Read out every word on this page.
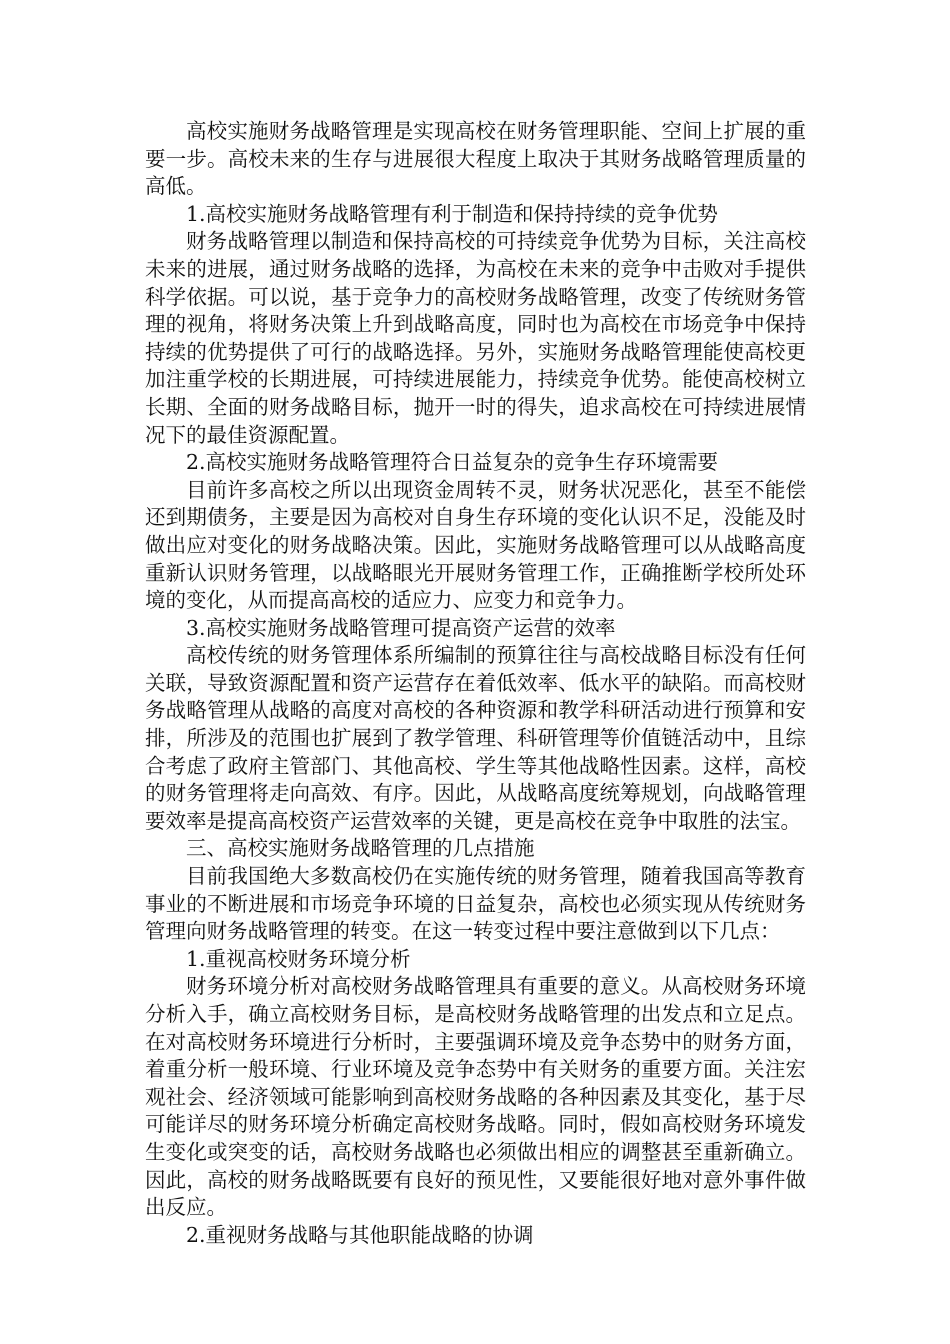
高校实施财务战略管理是实现高校在财务管理职能、空间上扩展的重要一步。高校未来的生存与进展很大程度上取决于其财务战略管理质量的高低。

1.高校实施财务战略管理有利于制造和保持持续的竞争优势

财务战略管理以制造和保持高校的可持续竞争优势为目标，关注高校未来的进展，通过财务战略的选择，为高校在未来的竞争中击败对手提供科学依据。可以说，基于竞争力的高校财务战略管理，改变了传统财务管理的视角，将财务决策上升到战略高度，同时也为高校在市场竞争中保持持续的优势提供了可行的战略选择。另外，实施财务战略管理能使高校更加注重学校的长期进展，可持续进展能力，持续竞争优势。能使高校树立长期、全面的财务战略目标，抛开一时的得失，追求高校在可持续进展情况下的最佳资源配置。

2.高校实施财务战略管理符合日益复杂的竞争生存环境需要

目前许多高校之所以出现资金周转不灵，财务状况恶化，甚至不能偿还到期债务，主要是因为高校对自身生存环境的变化认识不足，没能及时做出应对变化的财务战略决策。因此，实施财务战略管理可以从战略高度重新认识财务管理，以战略眼光开展财务管理工作，正确推断学校所处环境的变化，从而提高高校的适应力、应变力和竞争力。

3.高校实施财务战略管理可提高资产运营的效率

高校传统的财务管理体系所编制的预算往往与高校战略目标没有任何关联，导致资源配置和资产运营存在着低效率、低水平的缺陷。而高校财务战略管理从战略的高度对高校的各种资源和教学科研活动进行预算和安排，所涉及的范围也扩展到了教学管理、科研管理等价值链活动中，且综合考虑了政府主管部门、其他高校、学生等其他战略性因素。这样，高校的财务管理将走向高效、有序。因此，从战略高度统筹规划，向战略管理要效率是提高高校资产运营效率的关键，更是高校在竞争中取胜的法宝。

三、高校实施财务战略管理的几点措施

目前我国绝大多数高校仍在实施传统的财务管理，随着我国高等教育事业的不断进展和市场竞争环境的日益复杂，高校也必须实现从传统财务管理向财务战略管理的转变。在这一转变过程中要注意做到以下几点：

1.重视高校财务环境分析

财务环境分析对高校财务战略管理具有重要的意义。从高校财务环境分析入手，确立高校财务目标，是高校财务战略管理的出发点和立足点。在对高校财务环境进行分析时，主要强调环境及竞争态势中的财务方面，着重分析一般环境、行业环境及竞争态势中有关财务的重要方面。关注宏观社会、经济领域可能影响到高校财务战略的各种因素及其变化，基于尽可能详尽的财务环境分析确定高校财务战略。同时，假如高校财务环境发生变化或突变的话，高校财务战略也必须做出相应的调整甚至重新确立。因此，高校的财务战略既要有良好的预见性，又要能很好地对意外事件做出反应。

2.重视财务战略与其他职能战略的协调
